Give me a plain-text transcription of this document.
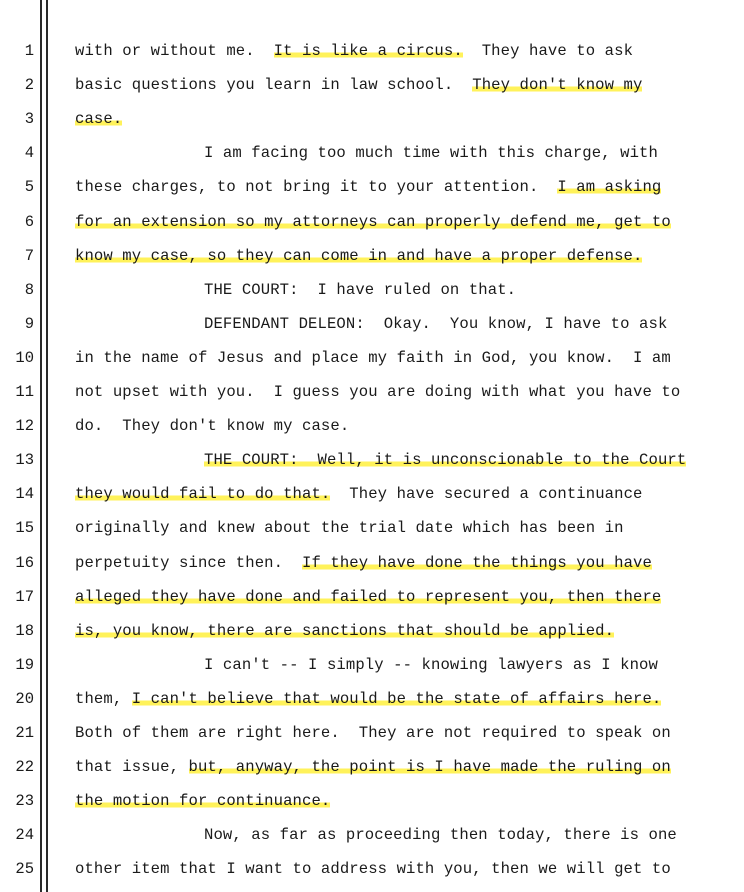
1	with or without me.  It is like a circus.  They have to ask
2	basic questions you learn in law school.  They don't know my
3	case.
4	I am facing too much time with this charge, with
5	these charges, to not bring it to your attention.  I am asking
6	for an extension so my attorneys can properly defend me, get to
7	know my case, so they can come in and have a proper defense.
8	THE COURT:  I have ruled on that.
9	DEFENDANT DELEON:  Okay.  You know, I have to ask
10	in the name of Jesus and place my faith in God, you know.  I am
11	not upset with you.  I guess you are doing with what you have to
12	do.  They don't know my case.
13	THE COURT:  Well, it is unconscionable to the Court
14	they would fail to do that.  They have secured a continuance
15	originally and knew about the trial date which has been in
16	perpetuity since then.  If they have done the things you have
17	alleged they have done and failed to represent you, then there
18	is, you know, there are sanctions that should be applied.
19	I can't -- I simply -- knowing lawyers as I know
20	them, I can't believe that would be the state of affairs here.
21	Both of them are right here.  They are not required to speak on
22	that issue, but, anyway, the point is I have made the ruling on
23	the motion for continuance.
24	Now, as far as proceeding then today, there is one
25	other item that I want to address with you, then we will get to
